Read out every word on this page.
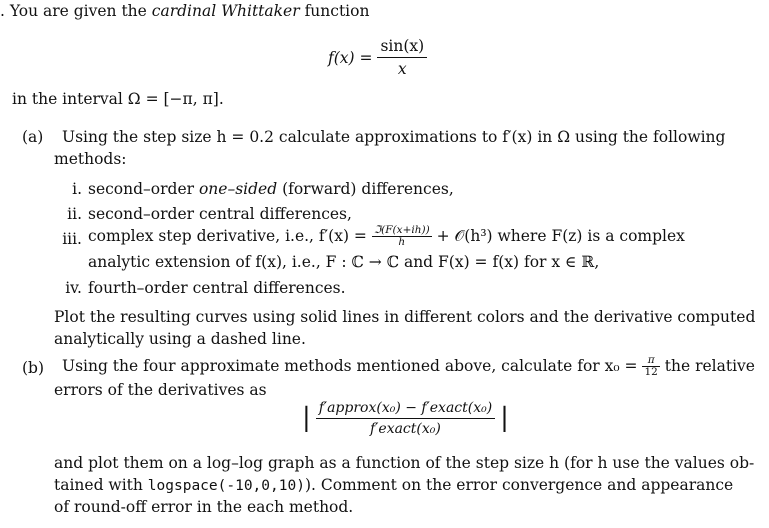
. You are given the cardinal Whittaker function
$f(x) = \frac{\sin(x)}{x}$
in the interval Ω = [−π, π].
(a) Using the step size h = 0.2 calculate approximations to f′(x) in Ω using the following
methods:
i. second–order one–sided (forward) differences,
ii. second–order central differences,
iii. complex step derivative, i.e., $f'(x) = \frac{\text{ℑ(F(x+ih))}}{h}$ + 𝒪(h³) where F(z) is a complex
analytic extension of f(x), i.e., F : ℂ → ℂ and F(x) = f(x) for x ∈ ℝ,
iv. fourth–order central differences.
Plot the resulting curves using solid lines in different colors and the derivative computed
analytically using a dashed line.
(b) Using the four approximate methods mentioned above, calculate for $x_0 = \frac{\pi}{12}$ the relative
errors of the derivatives as
| $\frac{\text{f′approx(x₀) − f′exact(x₀)}}{\text{f′exact(x₀)}}$ |
and plot them on a log–log graph as a function of the step size h (for h use the values ob-
tained with logspace(-10,0,10)). Comment on the error convergence and appearance
of round-off error in the each method.
